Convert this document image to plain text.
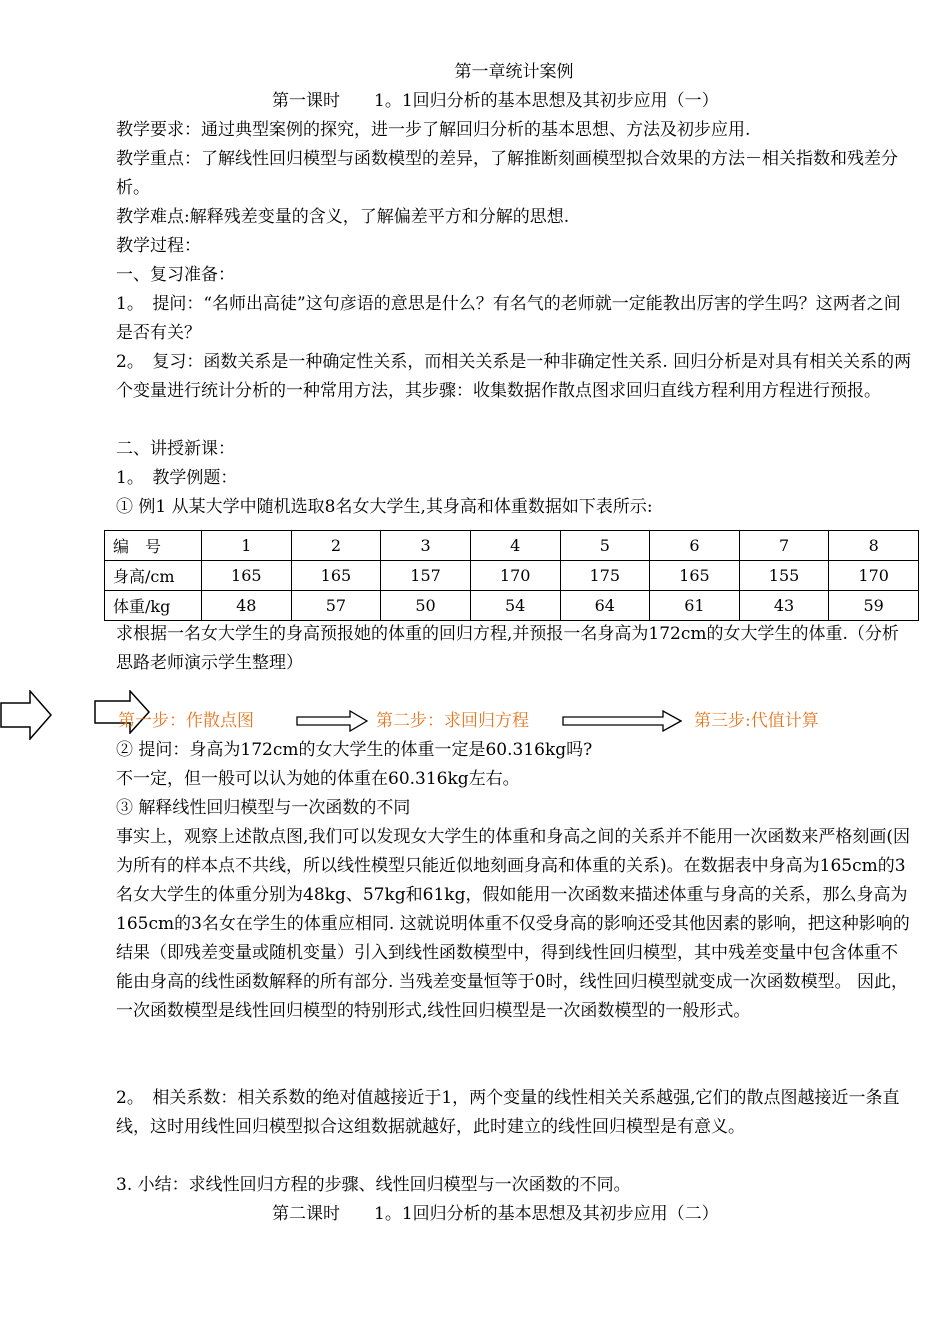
第一章统计案例
第一课时　　1。1回归分析的基本思想及其初步应用（一）
教学要求：通过典型案例的探究，进一步了解回归分析的基本思想、方法及初步应用.
教学重点：了解线性回归模型与函数模型的差异，了解推断刻画模型拟合效果的方法－相关指数和残差分析。
教学难点:解释残差变量的含义，了解偏差平方和分解的思想.
教学过程：
一、复习准备：
1。　提问：“名师出高徒”这句彦语的意思是什么？有名气的老师就一定能教出厉害的学生吗？这两者之间是否有关？
2。　复习：函数关系是一种确定性关系，而相关关系是一种非确定性关系. 回归分析是对具有相关关系的两个变量进行统计分析的一种常用方法，其步骤：收集数据作散点图求回归直线方程利用方程进行预报。
二、讲授新课：
1。　教学例题：
① 例1 从某大学中随机选取8名女大学生,其身高和体重数据如下表所示:
编　号	1	2	3	4	5	6	7	8
身高/cm	165	165	157	170	175	165	155	170
体重/kg	48	57	50	54	64	61	43	59
求根据一名女大学生的身高预报她的体重的回归方程,并预报一名身高为172cm的女大学生的体重.（分析思路老师演示学生整理）
第一步：作散点图	第二步：求回归方程	第三步:代值计算
② 提问：身高为172cm的女大学生的体重一定是60.316kg吗?
不一定，但一般可以认为她的体重在60.316kg左右。
③ 解释线性回归模型与一次函数的不同
事实上，观察上述散点图,我们可以发现女大学生的体重和身高之间的关系并不能用一次函数来严格刻画(因为所有的样本点不共线，所以线性模型只能近似地刻画身高和体重的关系)。在数据表中身高为165cm的3名女大学生的体重分别为48kg、57kg和61kg，假如能用一次函数来描述体重与身高的关系，那么身高为165cm的3名女在学生的体重应相同. 这就说明体重不仅受身高的影响还受其他因素的影响，把这种影响的结果（即残差变量或随机变量）引入到线性函数模型中，得到线性回归模型，其中残差变量中包含体重不能由身高的线性函数解释的所有部分. 当残差变量恒等于0时，线性回归模型就变成一次函数模型。 因此，一次函数模型是线性回归模型的特别形式,线性回归模型是一次函数模型的一般形式。
2。　相关系数：相关系数的绝对值越接近于1，两个变量的线性相关关系越强,它们的散点图越接近一条直线，这时用线性回归模型拟合这组数据就越好，此时建立的线性回归模型是有意义。
3. 小结：求线性回归方程的步骤、线性回归模型与一次函数的不同。
第二课时　　1。1回归分析的基本思想及其初步应用（二）
